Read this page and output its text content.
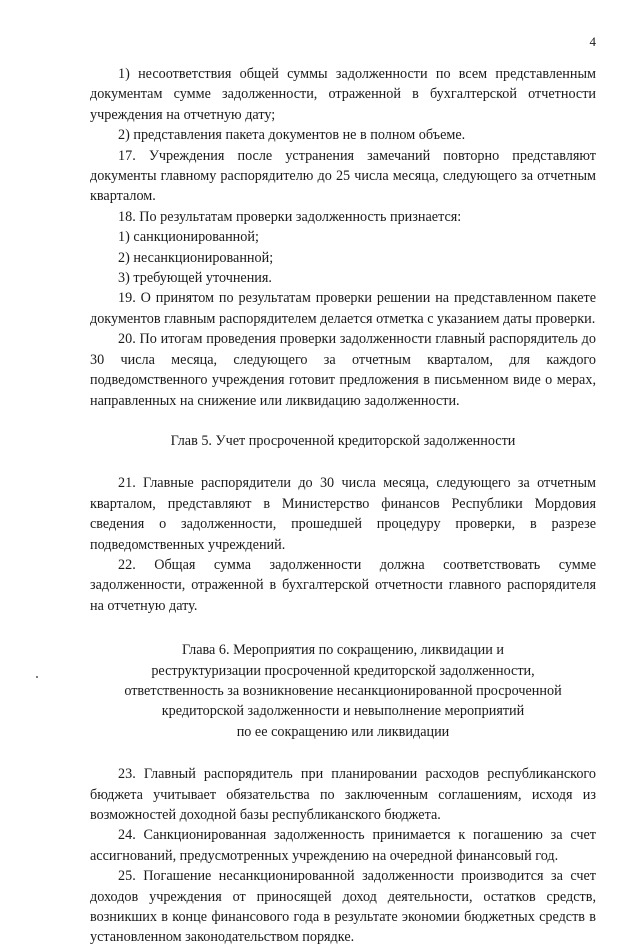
4

1) несоответствия общей суммы задолженности по всем представленным документам сумме задолженности, отраженной в бухгалтерской отчетности учреждения на отчетную дату;

2) представления пакета документов не в полном объеме.

17. Учреждения после устранения замечаний повторно представляют документы главному распорядителю до 25 числа месяца, следующего за отчетным кварталом.

18. По результатам проверки задолженность признается:

1) санкционированной;

2) несанкционированной;

3) требующей уточнения.

19. О принятом по результатам проверки решении на представленном пакете документов главным распорядителем делается отметка с указанием даты проверки.

20. По итогам проведения проверки задолженности главный распорядитель до 30 числа месяца, следующего за отчетным кварталом, для каждого подведомственного учреждения готовит предложения в письменном виде о мерах, направленных на снижение или ликвидацию задолженности.

Глав 5. Учет просроченной кредиторской задолженности

21. Главные распорядители до 30 числа месяца, следующего за отчетным кварталом, представляют в Министерство финансов Республики Мордовия сведения о задолженности, прошедшей процедуру проверки, в разрезе подведомственных учреждений.

22. Общая сумма задолженности должна соответствовать сумме задолженности, отраженной в бухгалтерской отчетности главного распорядителя на отчетную дату.

Глава 6. Мероприятия по сокращению, ликвидации и
реструктуризации просроченной кредиторской задолженности,
ответственность за возникновение несанкционированной просроченной
кредиторской задолженности и невыполнение мероприятий
по ее сокращению или ликвидации

23. Главный распорядитель при планировании расходов республиканского бюджета учитывает обязательства по заключенным соглашениям, исходя из возможностей доходной базы республиканского бюджета.

24. Санкционированная задолженность принимается к погашению за счет ассигнований, предусмотренных учреждению на очередной финансовый год.

25. Погашение несанкционированной задолженности производится за счет доходов учреждения от приносящей доход деятельности, остатков средств, возникших в конце финансового года в результате экономии бюджетных средств в установленном законодательством порядке.
